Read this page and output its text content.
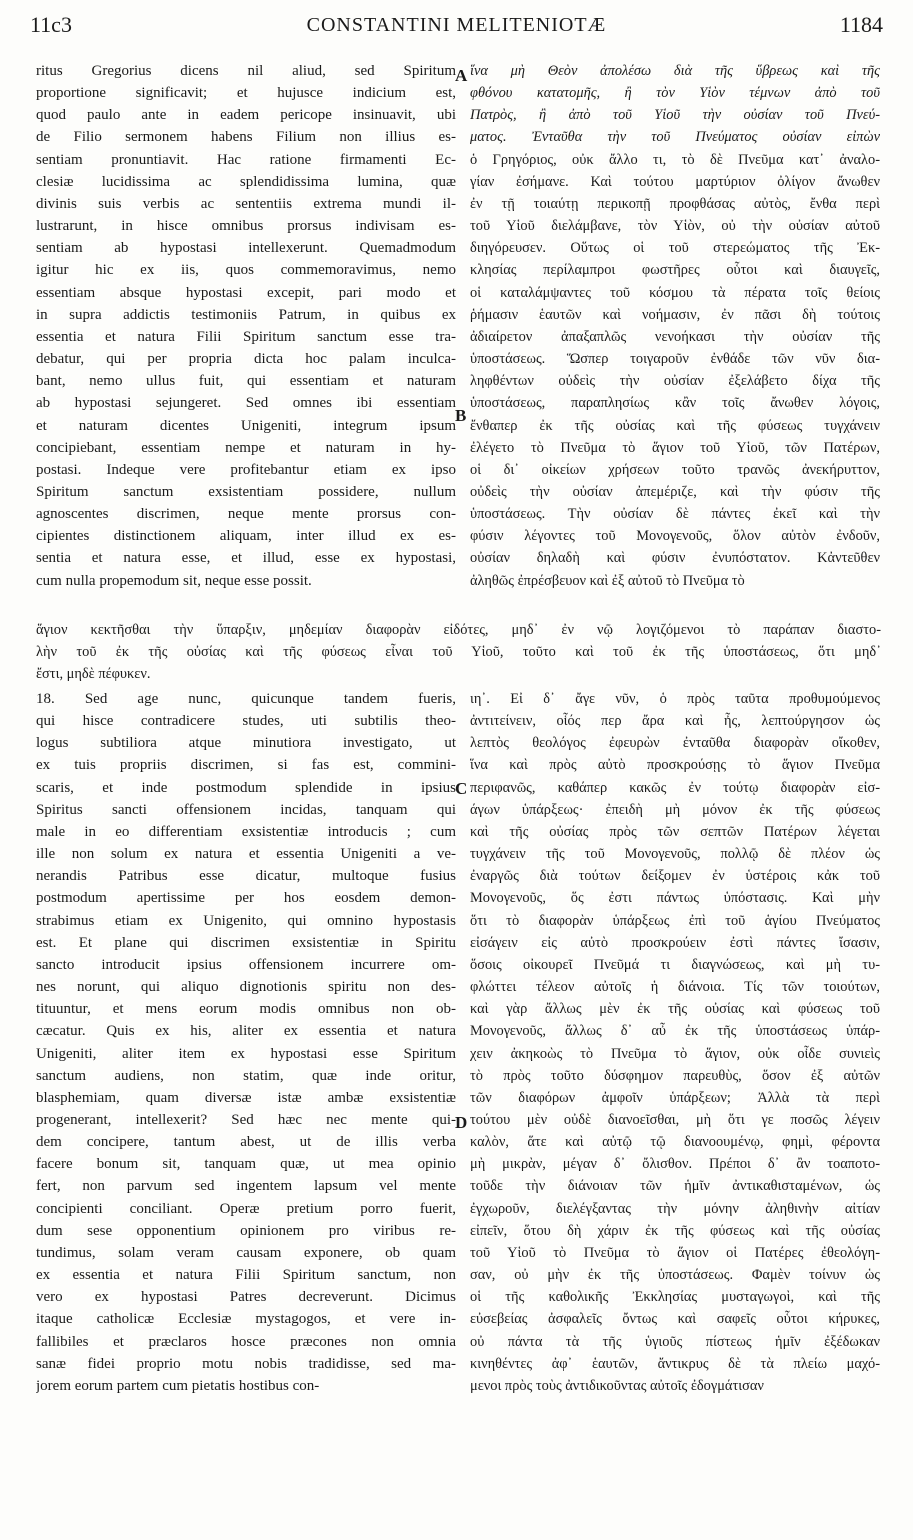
11c3	CONSTANTINI MELITENIOTÆ	1184
A
B
C
D

ritus Gregorius dicens nil aliud, sed Spiritum

proportione significavit; et hujusce indicium est,

quod paulo ante in eadem pericope insinuavit, ubi

de Filio sermonem habens Filium non illius es-

sentiam pronuntiavit. Hac ratione firmamenti Ec-

clesiæ lucidissima ac splendidissima lumina, quæ

divinis suis verbis ac sententiis extrema mundi il-

lustrarunt, in hisce omnibus prorsus indivisam es-

sentiam ab hypostasi intellexerunt. Quemadmodum

igitur hic ex iis, quos commemoravimus, nemo

essentiam absque hypostasi excepit, pari modo et

in supra addictis testimoniis Patrum, in quibus ex

essentia et natura Filii Spiritum sanctum esse tra-

debatur, qui per propria dicta hoc palam inculca-

bant, nemo ullus fuit, qui essentiam et naturam

ab hypostasi sejungeret. Sed omnes ibi essentiam

et naturam dicentes Unigeniti, integrum ipsum

concipiebant, essentiam nempe et naturam in hy-

postasi. Indeque vere profitebantur etiam ex ipso

Spiritum sanctum exsistentiam possidere, nullum

agnoscentes discrimen, neque mente prorsus con-

cipientes distinctionem aliquam, inter illud ex es-

sentia et natura esse, et illud, esse ex hypostasi,

cum nulla propemodum sit, neque esse possit.

ἵνα μὴ Θεὸν ἀπολέσω διὰ τῆς ὕβρεως καὶ τῆς

φθόνου κατατομῆς, ἢ τὸν Υἱὸν τέμνων ἀπὸ τοῦ

Πατρὸς, ἢ ἀπὸ τοῦ Υἱοῦ τὴν οὐσίαν τοῦ Πνεύ-

ματος. Ἐνταῦθα τὴν τοῦ Πνεύματος οὐσίαν εἰπὼν

ὁ Γρηγόριος, οὐκ ἄλλο τι, τὸ δὲ Πνεῦμα κατ᾽ ἀναλο-

γίαν ἐσήμανε. Καὶ τούτου μαρτύριον ὀλίγον ἄνωθεν

ἐν τῇ τοιαύτῃ περικοπῇ προφθάσας αὐτὸς, ἔνθα περὶ

τοῦ Υἱοῦ διελάμβανε, τὸν Υἱὸν, οὐ τὴν οὐσίαν αὐτοῦ

διηγόρευσεν. Οὕτως οἱ τοῦ στερεώματος τῆς Ἐκ-

κλησίας περίλαμπροι φωστῆρες οὗτοι καὶ διαυγεῖς,

οἱ καταλάμψαντες τοῦ κόσμου τὰ πέρατα τοῖς θείοις

ῥήμασιν ἑαυτῶν καὶ νοήμασιν, ἐν πᾶσι δὴ τούτοις

ἀδιαίρετον ἀπαξαπλῶς νενοήκασι τὴν οὐσίαν τῆς

ὑποστάσεως. Ὥσπερ τοιγαροῦν ἐνθάδε τῶν νῦν δια-

ληφθέντων οὐδεὶς τὴν οὐσίαν ἐξελάβετο δίχα τῆς

ὑποστάσεως, παραπλησίως κἂν τοῖς ἄνωθεν λόγοις,

ἔνθαπερ ἐκ τῆς οὐσίας καὶ τῆς φύσεως τυγχάνειν

ἐλέγετο τὸ Πνεῦμα τὸ ἅγιον τοῦ Υἱοῦ, τῶν Πατέρων,

οἱ δι᾽ οἰκείων χρήσεων τοῦτο τρανῶς ἀνεκήρυττον,

οὐδεὶς τὴν οὐσίαν ἀπεμέριζε, καὶ τὴν φύσιν τῆς

ὑποστάσεως. Τὴν οὐσίαν δὲ πάντες ἐκεῖ καὶ τὴν

φύσιν λέγοντες τοῦ Μονογενοῦς, ὅλον αὐτὸν ἐνδοῦν,

οὐσίαν δηλαδὴ καὶ φύσιν ἐνυπόστατον. Κἀντεῦθεν

ἀληθῶς ἐπρέσβευον καὶ ἐξ αὐτοῦ τὸ Πνεῦμα τὸ

ἅγιον κεκτῆσθαι τὴν ὕπαρξιν, μηδεμίαν διαφορὰν εἰδότες, μηδ᾽ ἐν νῷ λογιζόμενοι τὸ παράπαν διαστο-

λὴν τοῦ ἐκ τῆς οὐσίας καὶ τῆς φύσεως εἶναι τοῦ Υἱοῦ, τοῦτο καὶ τοῦ ἐκ τῆς ὑποστάσεως, ὅτι μηδ᾽

ἔστι, μηδὲ πέφυκεν.

18. Sed age nunc, quicunque tandem fueris,

qui hisce contradicere studes, uti subtilis theo-

logus subtiliora atque minutiora investigato, ut

ex tuis propriis discrimen, si fas est, commini-

scaris, et inde postmodum splendide in ipsius

Spiritus sancti offensionem incidas, tanquam qui

male in eo differentiam exsistentiæ introducis ; cum

ille non solum ex natura et essentia Unigeniti a ve-

nerandis Patribus esse dicatur, multoque fusius

postmodum apertissime per hos eosdem demon-

strabimus etiam ex Unigenito, qui omnino hypostasis

est. Et plane qui discrimen exsistentiæ in Spiritu

sancto introducit ipsius offensionem incurrere om-

nes norunt, qui aliquo dignotionis spiritu non des-

tituuntur, et mens eorum modis omnibus non ob-

cæcatur. Quis ex his, aliter ex essentia et natura

Unigeniti, aliter item ex hypostasi esse Spiritum

sanctum audiens, non statim, quæ inde oritur,

blasphemiam, quam diversæ istæ ambæ exsistentiæ

progenerant, intellexerit? Sed hæc nec mente qui-

dem concipere, tantum abest, ut de illis verba

facere bonum sit, tanquam quæ, ut mea opinio

fert, non parvum sed ingentem lapsum vel mente

concipienti conciliant. Operæ pretium porro fuerit,

dum sese opponentium opinionem pro viribus re-

tundimus, solam veram causam exponere, ob quam

ex essentia et natura Filii Spiritum sanctum, non

vero ex hypostasi Patres decreverunt. Dicimus

itaque catholicæ Ecclesiæ mystagogos, et vere in-

fallibiles et præclaros hosce præcones non omnia

sanæ fidei proprio motu nobis tradidisse, sed ma-

jorem eorum partem cum pietatis hostibus con-

ιη᾽. Εἰ δ᾽ ἄγε νῦν, ὁ πρὸς ταῦτα προθυμούμενος

ἀντιτείνειν, οἷός περ ἄρα καὶ ἦς, λεπτούργησον ὡς

λεπτὸς θεολόγος ἐφευρὼν ἐνταῦθα διαφορὰν οἴκοθεν,

ἵνα καὶ πρὸς αὐτὸ προσκρούσῃς τὸ ἅγιον Πνεῦμα

περιφανῶς, καθάπερ κακῶς ἐν τούτῳ διαφορὰν εἰσ-

άγων ὑπάρξεως· ἐπειδὴ μὴ μόνον ἐκ τῆς φύσεως

καὶ τῆς οὐσίας πρὸς τῶν σεπτῶν Πατέρων λέγεται

τυγχάνειν τῆς τοῦ Μονογενοῦς, πολλῷ δὲ πλέον ὡς

ἐναργῶς διὰ τούτων δείξομεν ἐν ὑστέροις κἀκ τοῦ

Μονογενοῦς, ὅς ἐστι πάντως ὑπόστασις. Καὶ μὴν

ὅτι τὸ διαφορὰν ὑπάρξεως ἐπὶ τοῦ ἁγίου Πνεύματος

εἰσάγειν εἰς αὐτὸ προσκρούειν ἐστὶ πάντες ἴσασιν,

ὅσοις οἰκουρεῖ Πνεῦμά τι διαγνώσεως, καὶ μὴ τυ-

φλώττει τέλεον αὐτοῖς ἡ διάνοια. Τίς τῶν τοιούτων,

καὶ γὰρ ἄλλως μὲν ἐκ τῆς οὐσίας καὶ φύσεως τοῦ

Μονογενοῦς, ἄλλως δ᾽ αὖ ἐκ τῆς ὑποστάσεως ὑπάρ-

χειν ἀκηκοὼς τὸ Πνεῦμα τὸ ἅγιον, οὐκ οἶδε συνιεὶς

τὸ πρὸς τοῦτο δύσφημον παρευθὺς, ὅσον ἐξ αὐτῶν

τῶν διαφόρων ἀμφοῖν ὑπάρξεων; Ἀλλὰ τὰ περὶ

τούτου μὲν οὐδὲ διανοεῖσθαι, μὴ ὅτι γε ποσῶς λέγειν

καλὸν, ἅτε καὶ αὐτῷ τῷ διανοουμένῳ, φημὶ, φέροντα

μὴ μικρὰν, μέγαν δ᾽ ὄλισθον. Πρέποι δ᾽ ἂν τοαποτο-

τοῦδε τὴν διάνοιαν τῶν ἡμῖν ἀντικαθισταμένων, ὡς

ἐγχωροῦν, διελέγξαντας τὴν μόνην ἀληθινὴν αἰτίαν

εἰπεῖν, ὅτου δὴ χάριν ἐκ τῆς φύσεως καὶ τῆς οὐσίας

τοῦ Υἱοῦ τὸ Πνεῦμα τὸ ἅγιον οἱ Πατέρες ἐθεολόγη-

σαν, οὐ μὴν ἐκ τῆς ὑποστάσεως. Φαμὲν τοίνυν ὡς

οἱ τῆς καθολικῆς Ἐκκλησίας μυσταγωγοὶ, καὶ τῆς

εὐσεβείας ἀσφαλεῖς ὄντως καὶ σαφεῖς οὗτοι κήρυκες,

οὐ πάντα τὰ τῆς ὑγιοῦς πίστεως ἡμῖν ἐξέδωκαν

κινηθέντες ἀφ᾽ ἑαυτῶν, ἄντικρυς δὲ τὰ πλείω μαχό-

μενοι πρὸς τοὺς ἀντιδικοῦντας αὐτοῖς ἐδογμάτισαν
